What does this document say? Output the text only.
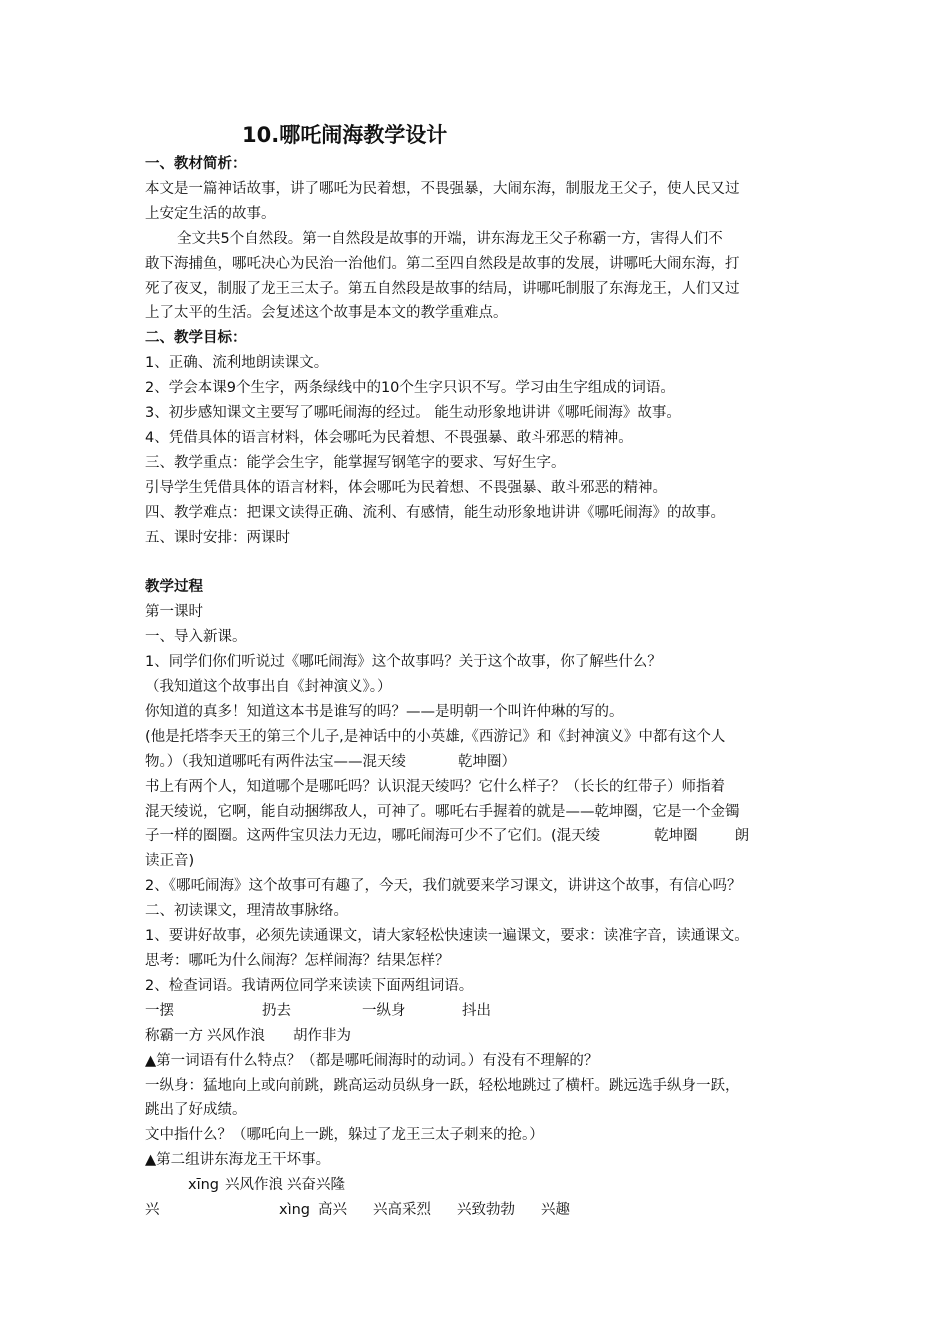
10.哪吒闹海教学设计
一、教材简析：
本文是一篇神话故事，讲了哪吒为民着想，不畏强暴，大闹东海，制服龙王父子，使人民又过
上安定生活的故事。
全文共5个自然段。第一自然段是故事的开端，讲东海龙王父子称霸一方，害得人们不
敢下海捕鱼，哪吒决心为民治一治他们。第二至四自然段是故事的发展，讲哪吒大闹东海，打
死了夜叉，制服了龙王三太子。第五自然段是故事的结局，讲哪吒制服了东海龙王，人们又过
上了太平的生活。会复述这个故事是本文的教学重难点。
二、教学目标：
1、正确、流利地朗读课文。
2、学会本课9个生字，两条绿线中的10个生字只识不写。学习由生字组成的词语。
3、初步感知课文主要写了哪吒闹海的经过。 能生动形象地讲讲《哪吒闹海》故事。
4、凭借具体的语言材料，体会哪吒为民着想、不畏强暴、敢斗邪恶的精神。
三、教学重点：能学会生字，能掌握写钢笔字的要求、写好生字。
引导学生凭借具体的语言材料，体会哪吒为民着想、不畏强暴、敢斗邪恶的精神。
四、教学难点：把课文读得正确、流利、有感情，能生动形象地讲讲《哪吒闹海》的故事。
五、课时安排：两课时
教学过程
第一课时
一、导入新课。
1、同学们你们听说过《哪吒闹海》这个故事吗？关于这个故事，你了解些什么？
（我知道这个故事出自《封神演义》。）
你知道的真多！知道这本书是谁写的吗？——是明朝一个叫许仲琳的写的。
(他是托塔李天王的第三个儿子,是神话中的小英雄,《西游记》和《封神演义》中都有这个人
物。）（我知道哪吒有两件法宝——混天绫	乾坤圈）
书上有两个人，知道哪个是哪吒吗？认识混天绫吗？它什么样子？（长长的红带子）师指着
混天绫说，它啊，能自动捆绑敌人，可神了。哪吒右手握着的就是——乾坤圈，它是一个金镯
子一样的圈圈。这两件宝贝法力无边，哪吒闹海可少不了它们。(混天绫	乾坤圈	朗
读正音)
2、《哪吒闹海》这个故事可有趣了，今天，我们就要来学习课文，讲讲这个故事，有信心吗？
二、初读课文，理清故事脉络。
1、要讲好故事，必须先读通课文，请大家轻松快速读一遍课文，要求：读准字音，读通课文。
思考：哪吒为什么闹海？怎样闹海？结果怎样？
2、检查词语。我请两位同学来读读下面两组词语。
一摆	扔去	一纵身	抖出
称霸一方 兴风作浪 胡作非为
▲第一词语有什么特点？（都是哪吒闹海时的动词。）有没有不理解的？
一纵身：猛地向上或向前跳，跳高运动员纵身一跃，轻松地跳过了横杆。跳远选手纵身一跃，
跳出了好成绩。
文中指什么？（哪吒向上一跳，躲过了龙王三太子刺来的抢。）
▲第二组讲东海龙王干坏事。
xīng 兴风作浪 兴奋兴隆
兴	xìng 高兴 兴高采烈 兴致勃勃 兴趣
